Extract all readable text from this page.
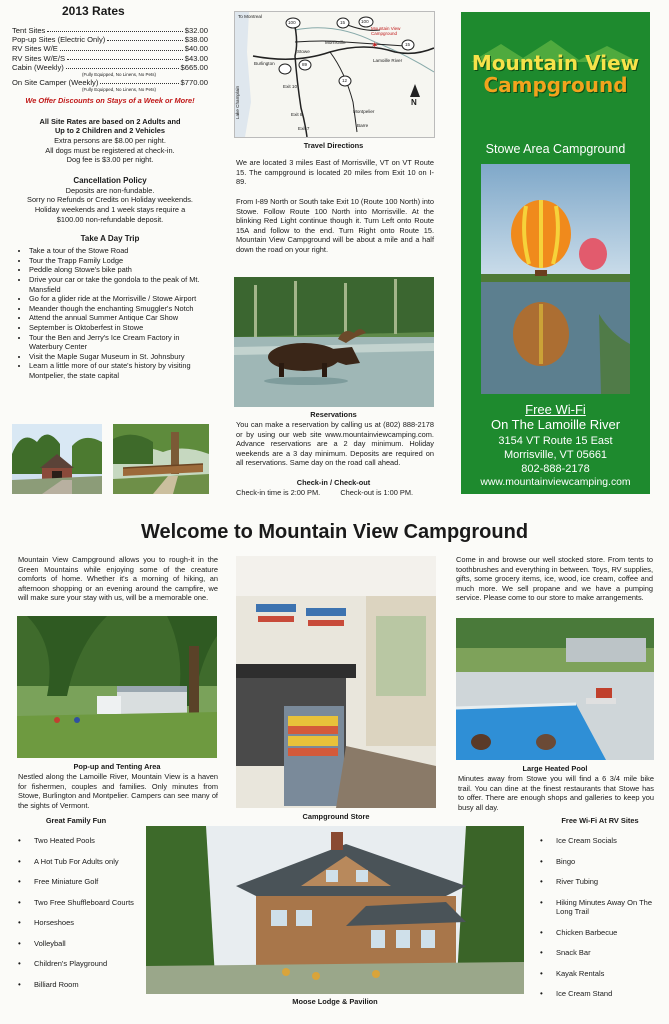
2013 Rates
Tent Sites	$32.00
Pop-up Sites (Electric Only)	$38.00
RV Sites W/E	$40.00
RV Sites W/E/S	$43.00
Cabin (Weekly)	$665.00
(Fully Equipped, No Linens, No Pets)
On Site Camper (Weekly)	$770.00
(Fully Equipped, No Linens, No Pets)
We Offer Discounts on Stays of a Week or More!
All Site Rates are based on 2 Adults and
Up to 2 Children and 2 Vehicles
Extra persons are $8.00 per night.
All dogs must be registered at check-in.
Dog fee is $3.00 per night.
Cancellation Policy
Deposits are non-fundable.
Sorry no Refunds or Credits on Holiday weekends.
Holiday weekends and 1 week stays require a
$100.00 non-refundable deposit.
Take A Day Trip
• Take a tour of the Stowe Road
• Tour the Trapp Family Lodge
• Peddle along Stowe's bike path
• Drive your car or take the gondola to the peak of Mt. Mansfield
• Go for a glider ride at the Morrisville / Stowe Airport
• Meander though the enchanting Smuggler's Notch
• Attend the annual Summer Antique Car Show
• September is Oktoberfest in Stowe
• Tour the Ben and Jerry's Ice Cream Factory in Waterbury Center
• Visit the Maple Sugar Museum in St. Johnsbury
• Learn a little more of our state's history by visiting Montpelier, the state capital
✶
To Montreal
100	15	100
15
89
12
Mountain View Campground
Morrisville
Stowe
Lamoille River
Burlington
Exit 10
Exit 8
Exit 7
Montpelier
Barre
Lake Champlain	N
Travel Directions
We are located 3 miles East of Morrisville, VT on VT Route 15. The campground is located 20 miles from Exit 10 on I-89.
From I-89 North or South take Exit 10 (Route 100 North) into Stowe. Follow Route 100 North into Morrisville. At the blinking Red Light continue though it. Turn Left onto Route 15A and follow to the end. Turn Right onto Route 15. Mountain View Campground will be about a mile and a half down the road on your right.
Reservations
You can make a reservation by calling us at (802) 888-2178 or by using our web site www.mountainviewcamping.com. Advance reservations are a 2 day minimum. Holiday weekends are a 3 day minimum. Deposits are required on all reservations. Same day on the road call ahead.
Check-in / Check-out
Check-in time is 2:00 PM.	Check-out is 1:00 PM.
Mountain View
Campground
Stowe Area Campground
Free Wi-Fi
On The Lamoille River
3154 VT Route 15 East
Morrisville, VT 05661
802-888-2178
www.mountainviewcamping.com
Welcome to Mountain View Campground
Mountain View Campground allows you to rough-it in the Green Mountains while enjoying some of the creature comforts of home. Whether it's a morning of hiking, an afternoon shopping or an evening around the campfire, we will make sure your stay with us, will be a memorable one.
Pop-up and Tenting Area
Nestled along the Lamoille River, Mountain View is a haven for fishermen, couples and families. Only minutes from Stowe, Burlington and Montpelier. Campers can see many of the sights of Vermont.
Campground Store
Come in and browse our well stocked store. From tents to toothbrushes and everything in between. Toys, RV supplies, gifts, some grocery items, ice, wood, ice cream, coffee and much more. We sell propane and we have a pumping service. Please come to our store to make arrangements.
Large Heated Pool
Minutes away from Stowe you will find a 6 3/4 mile bike trail. You can dine at the finest restaurants that Stowe has to offer. There are enough shops and galleries to keep you busy all day.
Great Family Fun
• Two Heated Pools
• A Hot Tub For Adults only
• Free Miniature Golf
• Two Free Shuffleboard Courts
• Horseshoes
• Volleyball
• Children's Playground
• Billiard Room
Moose Lodge & Pavilion
Free Wi-Fi At RV Sites
• Ice Cream Socials
• Bingo
• River Tubing
• Hiking Minutes Away On The Long Trail
• Chicken Barbecue
• Snack Bar
• Kayak Rentals
• Ice Cream Stand
